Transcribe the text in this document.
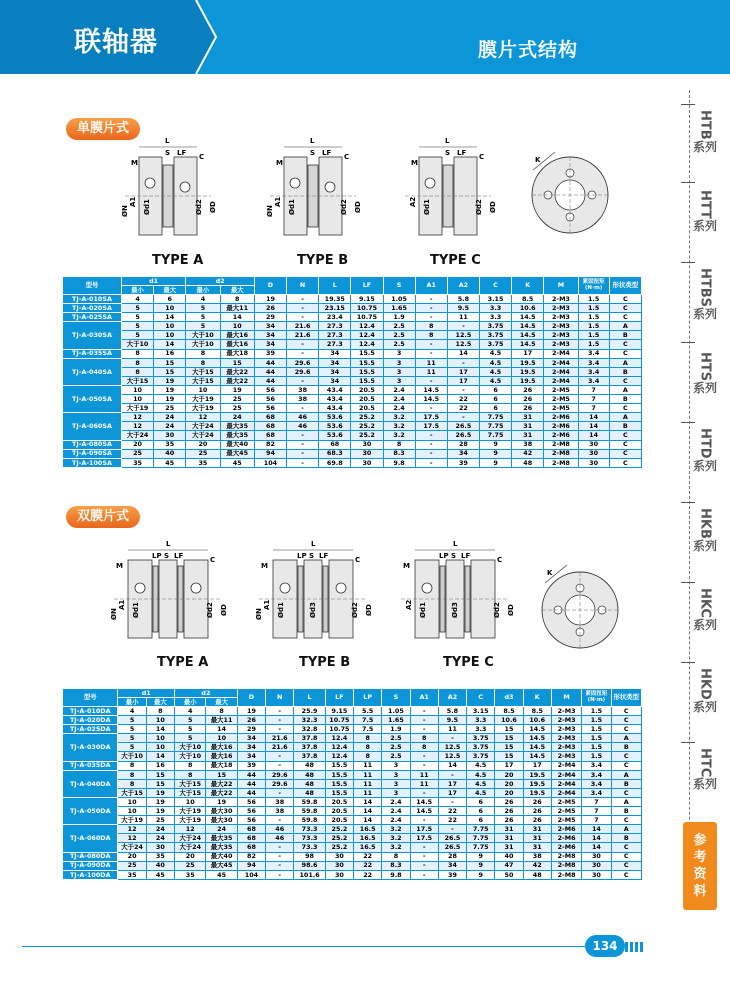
联轴器	膜片式结构
HTB
系列
HTT
系列
HTBS
系列
HTS
系列
HTD
系列
HKB
系列
HKC
系列
HKD
系列
HTC
系列
参
考
资
料
单膜片式
L
S LF C
M
A1
ØN Ød1	Ød2 ØD
TYPE A
L
S LF C
M
A1
ØN Ød1	Ød2 ØD
TYPE B
L
S LF C
M
A2 Ød1	Ød2 ØD
TYPE C
K
型号	d1		d2		D	N	L	LF	S	A1	A2	C	K	M	紧固扭矩 (N·m)	形状类型
	最小	最大	最小	最大												
TJ-A-010SA	4	6	4	8	19	-	19.35	9.15	1.05	-	5.8	3.15	8.5	2-M3	1.5	C
TJ-A-020SA	5	10	5	最大11	26	-	23.15	10.75	1.65	-	9.5	3.3	10.6	2-M3	1.5	C
TJ-A-025SA	5	14	5	14	29	-	23.4	10.75	1.9	-	11	3.3	14.5	2-M3	1.5	C
TJ-A-030SA	5	10	5	10	34	21.6	27.3	12.4	2.5	8	-	3.75	14.5	2-M3	1.5	A
	5	10	大于10	最大16	34	21.6	27.3	12.4	2.5	8	12.5	3.75	14.5	2-M3	1.5	B
	大于10	14	大于10	最大16	34	-	27.3	12.4	2.5	-	12.5	3.75	14.5	2-M3	1.5	C
TJ-A-035SA	8	16	8	最大18	39	-	34	15.5	3	-	14	4.5	17	2-M4	3.4	C
TJ-A-040SA	8	15	8	15	44	29.6	34	15.5	3	11	-	4.5	19.5	2-M4	3.4	A
	8	15	大于15	最大22	44	29.6	34	15.5	3	11	17	4.5	19.5	2-M4	3.4	B
	大于15	19	大于15	最大22	44	-	34	15.5	3	-	17	4.5	19.5	2-M4	3.4	C
TJ-A-050SA	10	19	10	19	56	38	43.4	20.5	2.4	14.5	-	6	26	2-M5	7	A
	10	19	大于19	25	56	38	43.4	20.5	2.4	14.5	22	6	26	2-M5	7	B
	大于19	25	大于19	25	56	-	43.4	20.5	2.4	-	22	6	26	2-M5	7	C
TJ-A-060SA	12	24	12	24	68	46	53.6	25.2	3.2	17.5	-	7.75	31	2-M6	14	A
	12	24	大于24	最大35	68	46	53.6	25.2	3.2	17.5	26.5	7.75	31	2-M6	14	B
	大于24	30	大于24	最大35	68	-	53.6	25.2	3.2	-	26.5	7.75	31	2-M6	14	C
TJ-A-080SA	20	35	20	最大40	82	-	68	30	8	-	28	9	38	2-M8	30	C
TJ-A-090SA	25	40	25	最大45	94	-	68.3	30	8.3	-	34	9	42	2-M8	30	C
TJ-A-100SA	35	45	35	45	104	-	69.8	30	9.8	-	39	9	48	2-M8	30	C
双膜片式
L
LP S LF	C
M
A1
ØN Ød1	Ød2 ØD
TYPE A
L
LP S LF	C
M
A1
ØN Ød1	Ød3	Ød2 ØD
TYPE B
L
LP S LF	C
M
A2 Ød1	Ød3	Ød2 ØD
TYPE C
K
型号	d1		d2		D	N	L	LF	LP	S	A1	A2	C	d3	K	M	紧固扭矩 (N·m)	形状类型
	最小	最大	最小	最大														
TJ-A-010DA	4	8	4	8	19	-	25.9	9.15	5.5	1.05	-	5.8	3.15	8.5	8.5	2-M3	1.5	C
TJ-A-020DA	5	10	5	最大11	26	-	32.3	10.75	7.5	1.65	-	9.5	3.3	10.6	10.6	2-M3	1.5	C
TJ-A-025DA	5	14	5	14	29	-	32.8	10.75	7.5	1.9	-	11	3.3	15	14.5	2-M3	1.5	C
TJ-A-030DA	5	10	5	10	34	21.6	37.8	12.4	8	2.5	8	-	3.75	15	14.5	2-M3	1.5	A
	5	10	大于10	最大16	34	21.6	37.8	12.4	8	2.5	8	12.5	3.75	15	14.5	2-M3	1.5	B
	大于10	14	大于10	最大16	34	-	37.8	12.4	8	2.5	-	12.5	3.75	15	14.5	2-M3	1.5	C
TJ-A-035DA	8	16	8	最大18	39	-	48	15.5	11	3	-	14	4.5	17	17	2-M4	3.4	C
TJ-A-040DA	8	15	8	15	44	29.6	48	15.5	11	3	11	-	4.5	20	19.5	2-M4	3.4	A
	8	15	大于15	最大22	44	29.6	48	15.5	11	3	11	17	4.5	20	19.5	2-M4	3.4	B
	大于15	19	大于15	最大22	44	-	48	15.5	11	3	-	17	4.5	20	19.5	2-M4	3.4	C
TJ-A-050DA	10	19	10	19	56	38	59.8	20.5	14	2.4	14.5	-	6	26	26	2-M5	7	A
	10	19	大于19	最大30	56	38	59.8	20.5	14	2.4	14.5	22	6	26	26	2-M5	7	B
	大于19	25	大于19	最大30	56	-	59.8	20.5	14	2.4	-	22	6	26	26	2-M5	7	C
TJ-A-060DA	12	24	12	24	68	46	73.3	25.2	16.5	3.2	17.5	-	7.75	31	31	2-M6	14	A
	12	24	大于24	最大35	68	46	73.3	25.2	16.5	3.2	17.5	26.5	7.75	31	31	2-M6	14	B
	大于24	30	大于24	最大35	68	-	73.3	25.2	16.5	3.2	-	26.5	7.75	31	31	2-M6	14	C
TJ-A-080DA	20	35	20	最大40	82	-	98	30	22	8	-	28	9	40	38	2-M8	30	C
TJ-A-090DA	25	40	25	最大45	94	-	98.6	30	22	8.3	-	34	9	47	42	2-M8	30	C
TJ-A-100DA	35	45	35	45	104	-	101.6	30	22	9.8	-	39	9	50	48	2-M8	30	C
134
